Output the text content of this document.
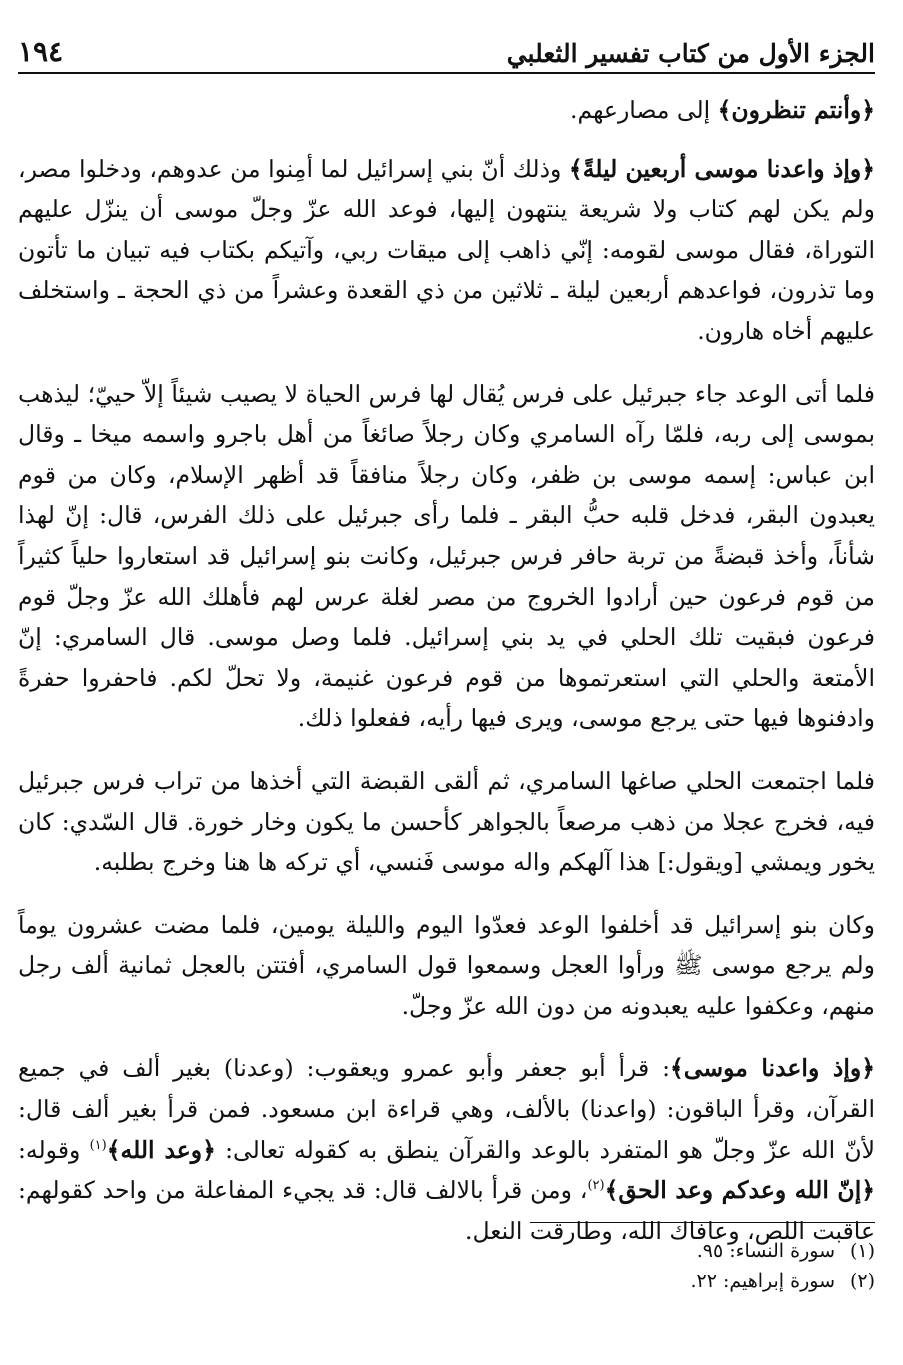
الجزء الأول من كتاب تفسير الثعلبي
١٩٤

﴿وأنتم تنظرون﴾ إلى مصارعهم.

﴿وإذ واعدنا موسى أربعين ليلةً﴾ وذلك أنّ بني إسرائيل لما أمِنوا من عدوهم، ودخلوا مصر، ولم يكن لهم كتاب ولا شريعة ينتهون إليها، فوعد الله عزّ وجلّ موسى أن ينزّل عليهم التوراة، فقال موسى لقومه: إنّي ذاهب إلى ميقات ربي، وآتيكم بكتاب فيه تبيان ما تأتون وما تذرون، فواعدهم أربعين ليلة ـ ثلاثين من ذي القعدة وعشراً من ذي الحجة ـ واستخلف عليهم أخاه هارون.

فلما أتى الوعد جاء جبرئيل على فرس يُقال لها فرس الحياة لا يصيب شيئاً إلاّ حييّ؛ ليذهب بموسى إلى ربه، فلمّا رآه السامري وكان رجلاً صائغاً من أهل باجرو واسمه ميخا ـ وقال ابن عباس: إسمه موسى بن ظفر، وكان رجلاً منافقاً قد أظهر الإسلام، وكان من قوم يعبدون البقر، فدخل قلبه حبُّ البقر ـ فلما رأى جبرئيل على ذلك الفرس، قال: إنّ لهذا شأناً، وأخذ قبضةً من تربة حافر فرس جبرئيل، وكانت بنو إسرائيل قد استعاروا حلياً كثيراً من قوم فرعون حين أرادوا الخروج من مصر لغلة عرس لهم فأهلك الله عزّ وجلّ قوم فرعون فبقيت تلك الحلي في يد بني إسرائيل. فلما وصل موسى. قال السامري: إنّ الأمتعة والحلي التي استعرتموها من قوم فرعون غنيمة، ولا تحلّ لكم. فاحفروا حفرةً وادفنوها فيها حتى يرجع موسى، ويرى فيها رأيه، ففعلوا ذلك.

فلما اجتمعت الحلي صاغها السامري، ثم ألقى القبضة التي أخذها من تراب فرس جبرئيل فيه، فخرج عجلا من ذهب مرصعاً بالجواهر كأحسن ما يكون وخار خورة. قال السّدي: كان يخور ويمشي [ويقول:] هذا آلهكم واله موسى فَنسي، أي تركه ها هنا وخرج بطلبه.

وكان بنو إسرائيل قد أخلفوا الوعد فعدّوا اليوم والليلة يومين، فلما مضت عشرون يوماً ولم يرجع موسى ﷺ ورأوا العجل وسمعوا قول السامري، أفتتن بالعجل ثمانية ألف رجل منهم، وعكفوا عليه يعبدونه من دون الله عزّ وجلّ.

﴿وإذ واعدنا موسى﴾: قرأ أبو جعفر وأبو عمرو ويعقوب: (وعدنا) بغير ألف في جميع القرآن، وقرأ الباقون: (واعدنا) بالألف، وهي قراءة ابن مسعود. فمن قرأ بغير ألف قال: لأنّ الله عزّ وجلّ هو المتفرد بالوعد والقرآن ينطق به كقوله تعالى: ﴿وعد الله﴾$^{(١)}$ وقوله: ﴿إنّ الله وعدكم وعد الحق﴾$^{(٢)}$، ومن قرأ بالالف قال: قد يجيء المفاعلة من واحد كقولهم: عاقبت اللص، وعافاك الله، وطارقت النعل.

(١)سورة النساء: ٩٥.
(٢)سورة إبراهيم: ٢٢.
